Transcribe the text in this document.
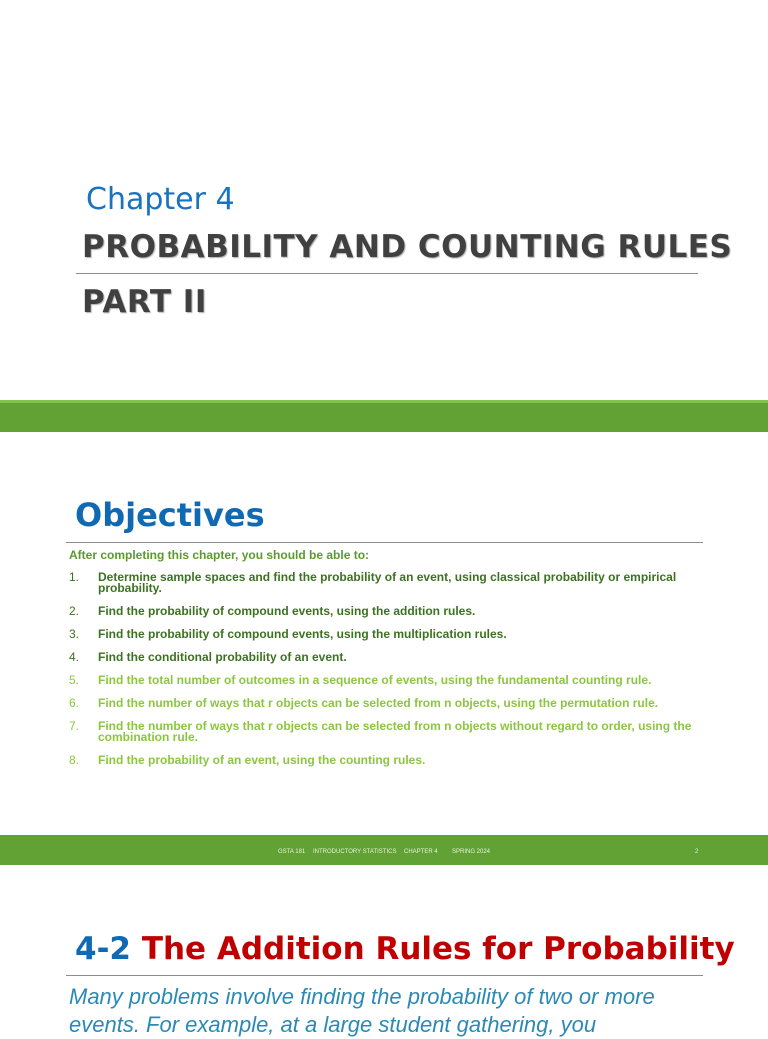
Chapter 4
PROBABILITY AND COUNTING RULES
PART II
Objectives
After completing this chapter, you should be able to:
1. Determine sample spaces and find the probability of an event, using classical probability or empirical probability.
2. Find the probability of compound events, using the addition rules.
3. Find the probability of compound events, using the multiplication rules.
4. Find the conditional probability of an event.
5. Find the total number of outcomes in a sequence of events, using the fundamental counting rule.
6. Find the number of ways that r objects can be selected from n objects, using the permutation rule.
7. Find the number of ways that r objects can be selected from n objects without regard to order, using the combination rule.
8. Find the probability of an event, using the counting rules.
GSTA 181 INTRODUCTORY STATISTICS CHAPTER 4 SPRING 2024	2
4-2 The Addition Rules for Probability
Many problems involve finding the probability of two or more events. For example, at a large student gathering, you
